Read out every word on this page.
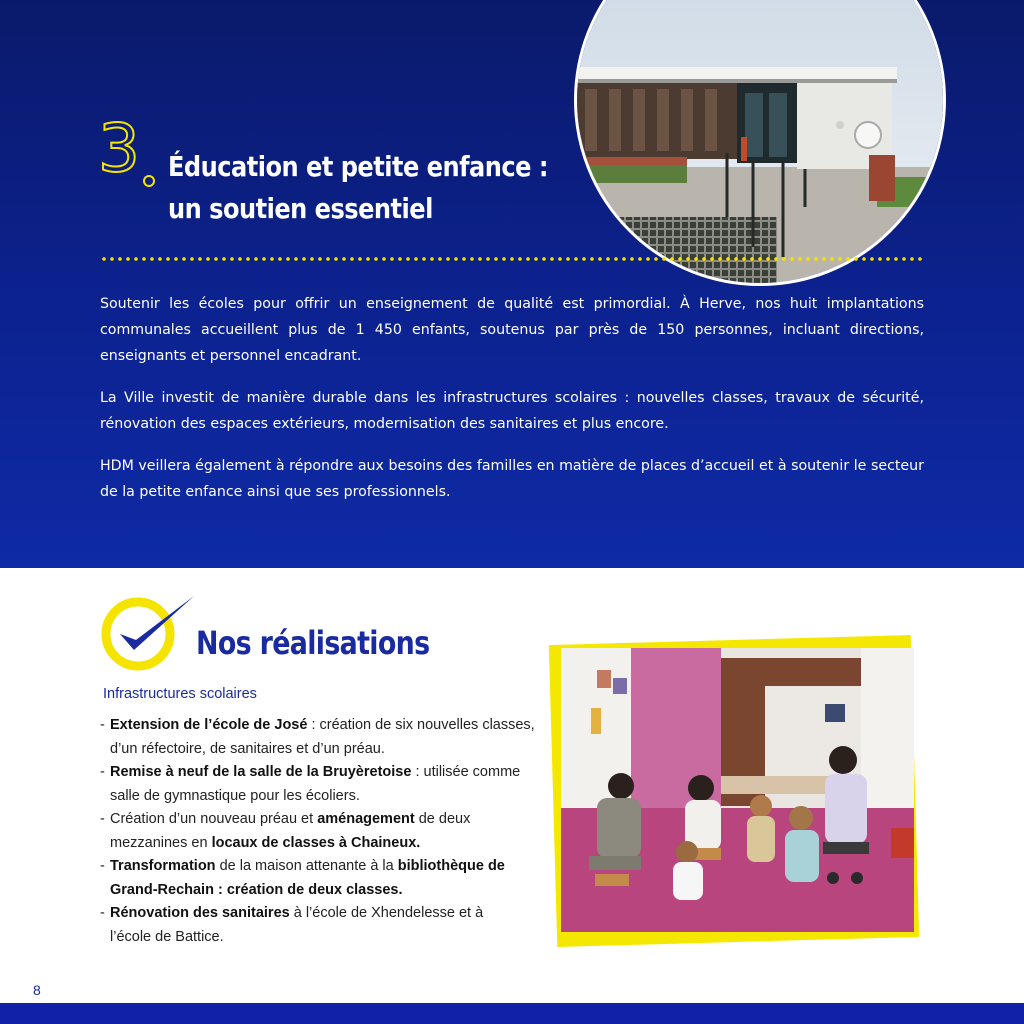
3 Éducation et petite enfance :
un soutien essentiel

Soutenir les écoles pour offrir un enseignement de qualité est primordial. À Herve, nos huit implantations communales accueillent plus de 1 450 enfants, soutenus par près de 150 personnes, incluant directions, enseignants et personnel encadrant.

La Ville investit de manière durable dans les infrastructures scolaires : nouvelles classes, travaux de sécurité, rénovation des espaces extérieurs, modernisation des sanitaires et plus encore.

HDM veillera également à répondre aux besoins des familles en matière de places d’accueil et à soutenir le secteur de la petite enfance ainsi que ses professionnels.

Nos réalisations
Infrastructures scolaires
- Extension de l’école de José : création de six nouvelles classes,
d’un réfectoire, de sanitaires et d’un préau.
- Remise à neuf de la salle de la Bruyèretoise : utilisée comme
salle de gymnastique pour les écoliers.
- Création d’un nouveau préau et aménagement de deux
mezzanines en locaux de classes à Chaineux.
- Transformation de la maison attenante à la bibliothèque de
Grand-Rechain : création de deux classes.
- Rénovation des sanitaires à l’école de Xhendelesse et à
l’école de Battice.
8
